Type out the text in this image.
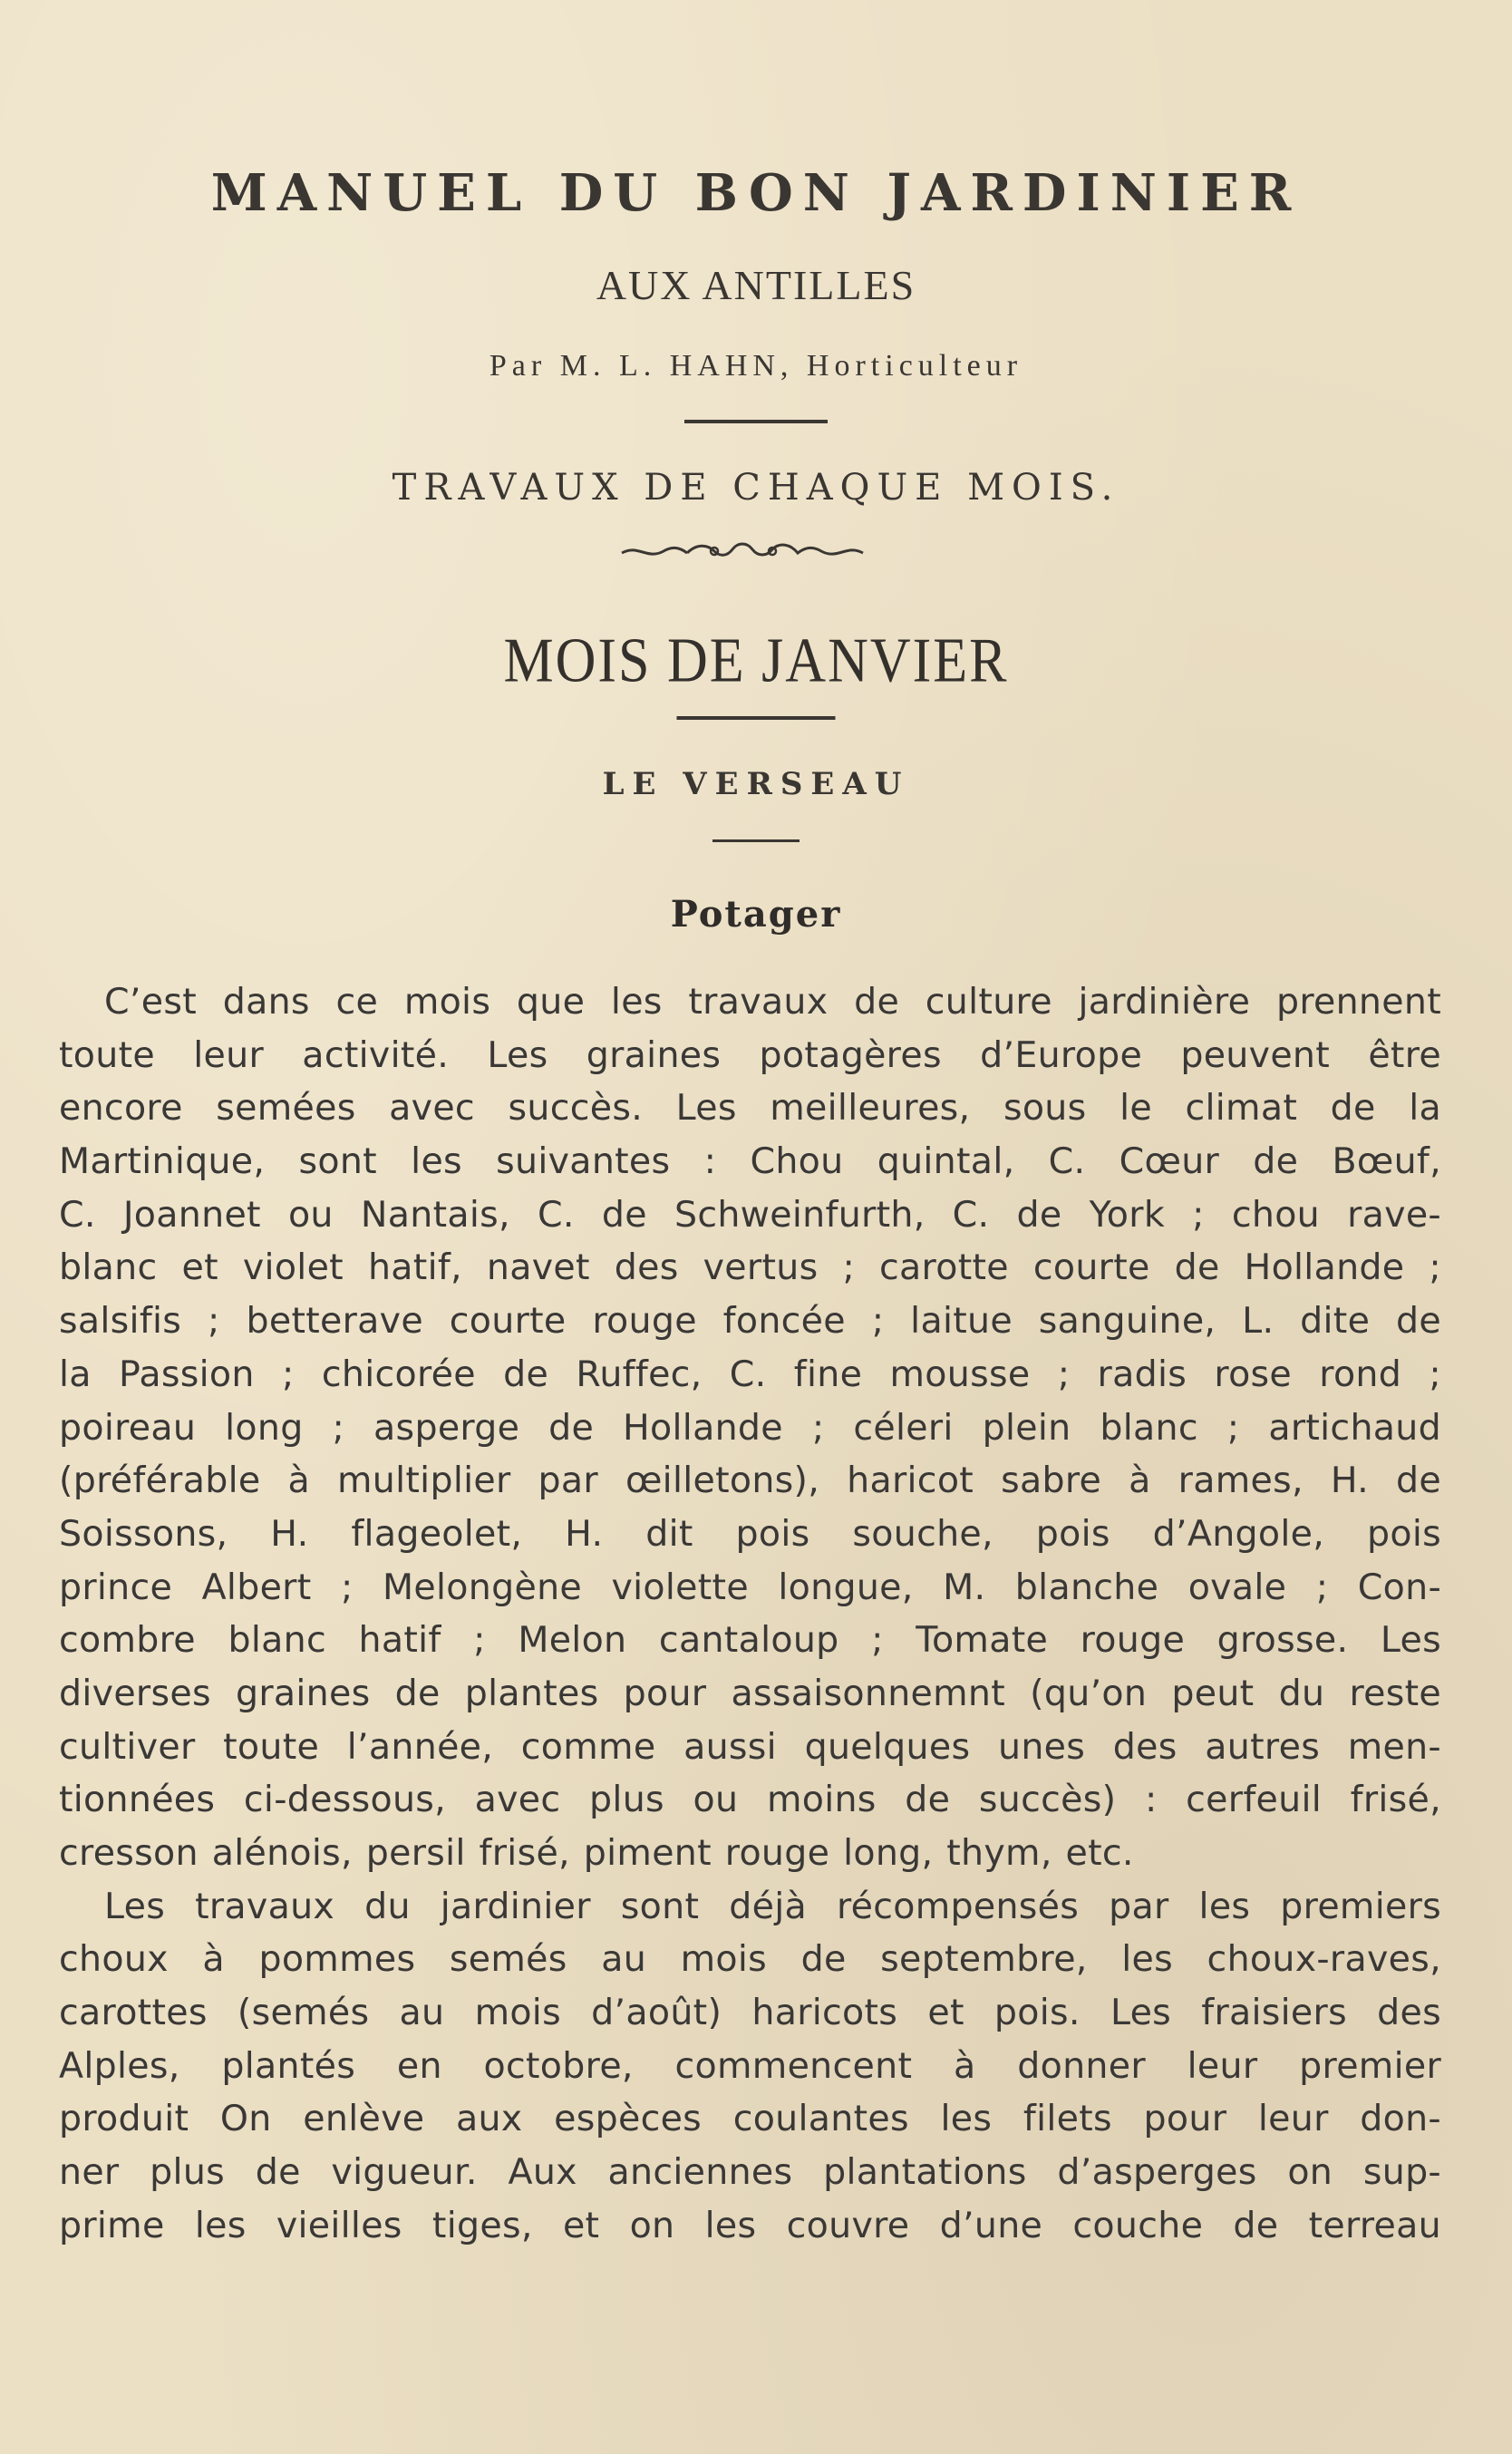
MANUEL DU BON JARDINIER
AUX ANTILLES
Par M. L. HAHN, Horticulteur
TRAVAUX DE CHAQUE MOIS.
MOIS DE JANVIER
LE VERSEAU
Potager
C’est dans ce mois que les travaux de culture jardinière prennent
toute leur activité. Les graines potagères d’Europe peuvent être
encore semées avec succès. Les meilleures, sous le climat de la
Martinique, sont les suivantes : Chou quintal, C. Cœur de Bœuf,
C. Joannet ou Nantais, C. de Schweinfurth, C. de York ; chou rave-
blanc et violet hatif, navet des vertus ; carotte courte de Hollande ;
salsifis ; betterave courte rouge foncée ; laitue sanguine, L. dite de
la Passion ; chicorée de Ruffec, C. fine mousse ; radis rose rond ;
poireau long ; asperge de Hollande ; céleri plein blanc ; artichaud
(préférable à multiplier par œilletons), haricot sabre à rames, H. de
Soissons, H. flageolet, H. dit pois souche, pois d’Angole, pois
prince Albert ; Melongène violette longue, M. blanche ovale ; Con-
combre blanc hatif ; Melon cantaloup ; Tomate rouge grosse. Les
diverses graines de plantes pour assaisonnemnt (qu’on peut du reste
cultiver toute l’année, comme aussi quelques unes des autres men-
tionnées ci-dessous, avec plus ou moins de succès) : cerfeuil frisé,
cresson alénois, persil frisé, piment rouge long, thym, etc.
Les travaux du jardinier sont déjà récompensés par les premiers
choux à pommes semés au mois de septembre, les choux-raves,
carottes (semés au mois d’août) haricots et pois. Les fraisiers des
Alples, plantés en octobre, commencent à donner leur premier
produit On enlève aux espèces coulantes les filets pour leur don-
ner plus de vigueur. Aux anciennes plantations d’asperges on sup-
prime les vieilles tiges, et on les couvre d’une couche de terreau
